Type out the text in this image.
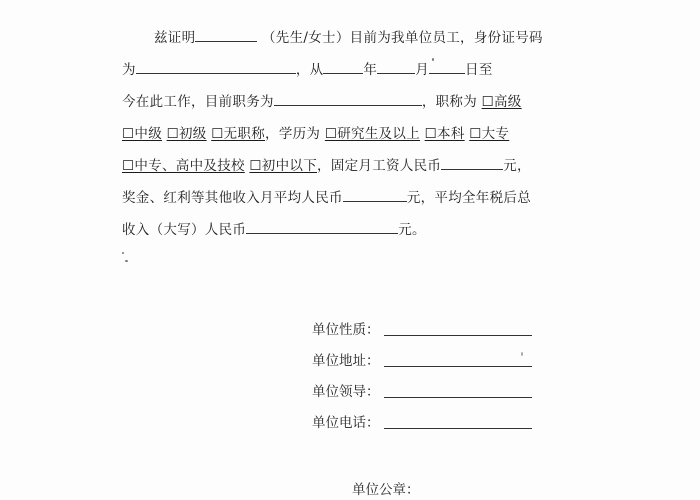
兹证明	（先生/女士）目前为我单位员工，身份证号码
为	，从	年	月	日至
今在此工作，目前职务为	，职称为 ☐高级
☐中级 ☐初级 ☐无职称，学历为 ☐研究生及以上 ☐本科 ☐大专
☐中专、高中及技校 ☐初中以下，固定月工资人民币	元，
奖金、红利等其他收入月平均人民币	元，平均全年税后总
收入（大写）人民币	元。
单位性质：
单位地址：
单位领导：
单位电话：
单位公章：
